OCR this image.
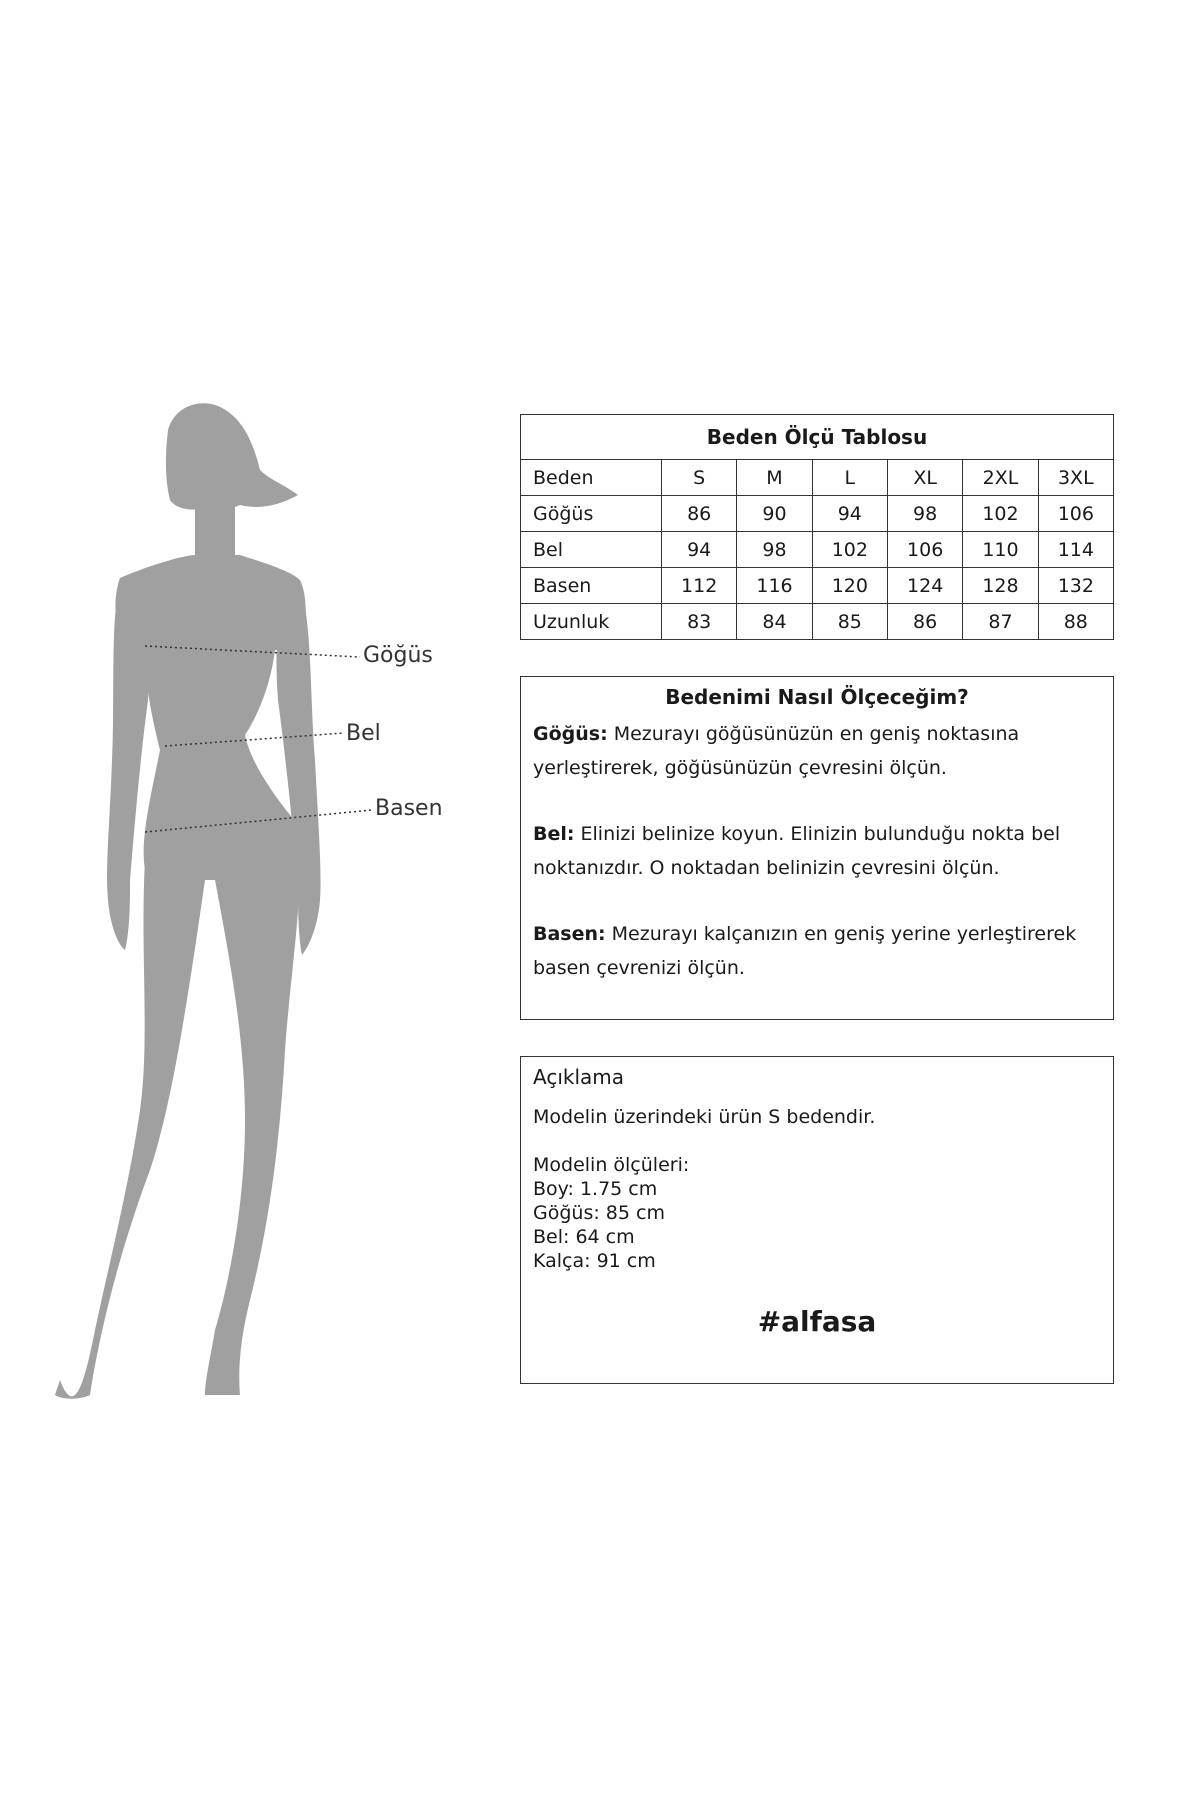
Göğüs
Bel
Basen
Beden Ölçü Tablosu						
Beden	S	M	L	XL	2XL	3XL
Göğüs	86	90	94	98	102	106
Bel	94	98	102	106	110	114
Basen	112	116	120	124	128	132
Uzunluk	83	84	85	86	87	88
Bedenimi Nasıl Ölçeceğim?

Göğüs: Mezurayı göğüsünüzün en geniş noktasına yerleştirerek, göğüsünüzün çevresini ölçün.

Bel: Elinizi belinize koyun. Elinizin bulunduğu nokta bel noktanızdır. O noktadan belinizin çevresini ölçün.

Basen: Mezurayı kalçanızın en geniş yerine yerleştirerek basen çevrenizi ölçün.

Açıklama
Modelin üzerindeki ürün S bedendir.
Modelin ölçüleri:
Boy: 1.75 cm
Göğüs: 85 cm
Bel: 64 cm
Kalça: 91 cm
#alfasa
